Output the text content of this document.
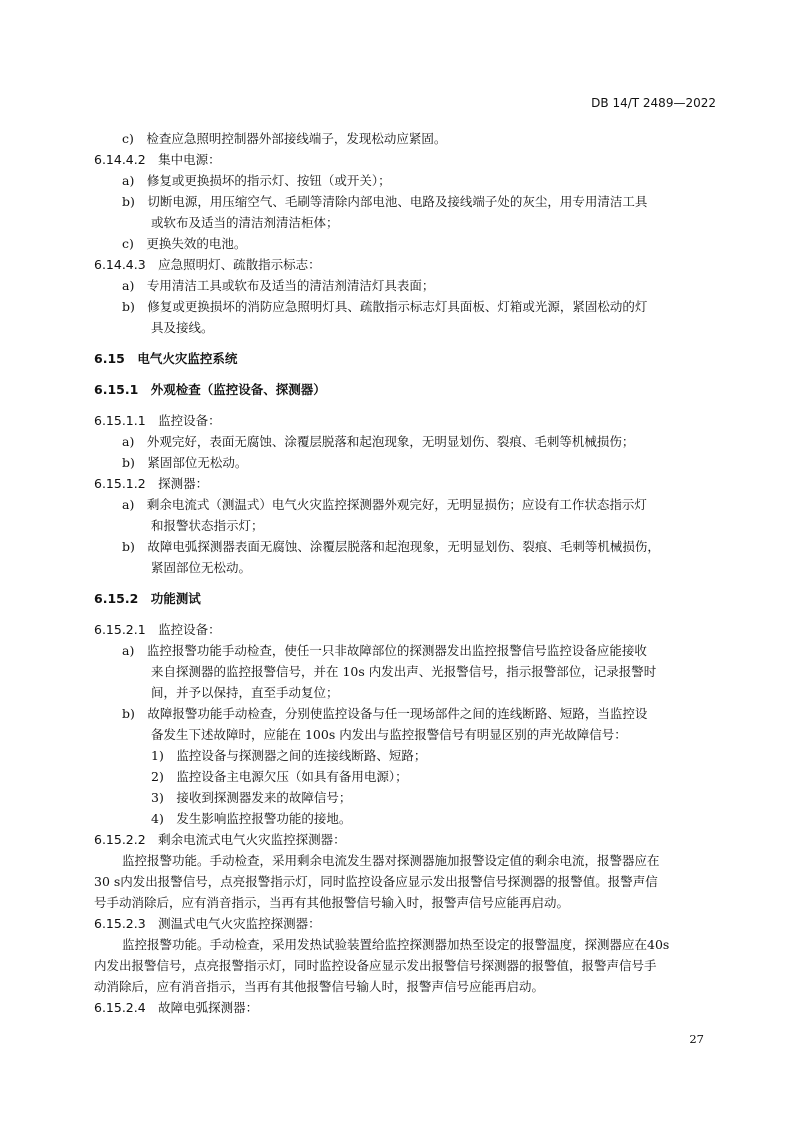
DB 14/T 2489—2022
c)　检查应急照明控制器外部接线端子，发现松动应紧固。
6.14.4.2　集中电源：
a)　修复或更换损坏的指示灯、按钮（或开关）；
b)　切断电源，用压缩空气、毛刷等清除内部电池、电路及接线端子处的灰尘，用专用清洁工具
或软布及适当的清洁剂清洁柜体；
c)　更换失效的电池。
6.14.4.3　应急照明灯、疏散指示标志：
a)　专用清洁工具或软布及适当的清洁剂清洁灯具表面；
b)　修复或更换损坏的消防应急照明灯具、疏散指示标志灯具面板、灯箱或光源，紧固松动的灯
具及接线。
6.15　电气火灾监控系统
6.15.1　外观检查（监控设备、探测器）
6.15.1.1　监控设备：
a)　外观完好，表面无腐蚀、涂覆层脱落和起泡现象，无明显划伤、裂痕、毛刺等机械损伤；
b)　紧固部位无松动。
6.15.1.2　探测器：
a)　剩余电流式（测温式）电气火灾监控探测器外观完好，无明显损伤；应设有工作状态指示灯
和报警状态指示灯；
b)　故障电弧探测器表面无腐蚀、涂覆层脱落和起泡现象，无明显划伤、裂痕、毛刺等机械损伤，
紧固部位无松动。
6.15.2　功能测试
6.15.2.1　监控设备：
a)　监控报警功能手动检查，使任一只非故障部位的探测器发出监控报警信号监控设备应能接收
来自探测器的监控报警信号，并在 10s 内发出声、光报警信号，指示报警部位，记录报警时
间，并予以保持，直至手动复位；
b)　故障报警功能手动检查，分别使监控设备与任一现场部件之间的连线断路、短路，当监控设
备发生下述故障时，应能在 100s 内发出与监控报警信号有明显区别的声光故障信号：
1)　监控设备与探测器之间的连接线断路、短路；
2)　监控设备主电源欠压（如具有备用电源）；
3)　接收到探测器发来的故障信号；
4)　发生影响监控报警功能的接地。
6.15.2.2　剩余电流式电气火灾监控探测器：
监控报警功能。手动检查，采用剩余电流发生器对探测器施加报警设定值的剩余电流，报警器应在
30 s内发出报警信号，点亮报警指示灯，同时监控设备应显示发出报警信号探测器的报警值。报警声信
号手动消除后，应有消音指示，当再有其他报警信号输入时，报警声信号应能再启动。
6.15.2.3　测温式电气火灾监控探测器：
监控报警功能。手动检查，采用发热试验装置给监控探测器加热至设定的报警温度，探测器应在40s
内发出报警信号，点亮报警指示灯，同时监控设备应显示发出报警信号探测器的报警值，报警声信号手
动消除后，应有消音指示，当再有其他报警信号输人时，报警声信号应能再启动。
6.15.2.4　故障电弧探测器：
27
